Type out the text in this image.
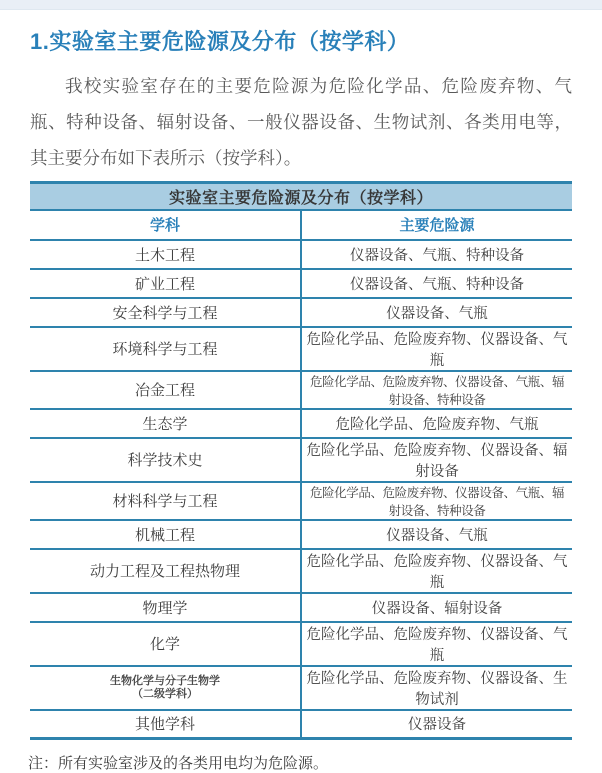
1.实验室主要危险源及分布（按学科）

我校实验室存在的主要危险源为危险化学品、危险废弃物、气瓶、特种设备、辐射设备、一般仪器设备、生物试剂、各类用电等，其主要分布如下表所示（按学科）。

实验室主要危险源及分布（按学科）	
学科	主要危险源
土木工程	仪器设备、气瓶、特种设备
矿业工程	仪器设备、气瓶、特种设备
安全科学与工程	仪器设备、气瓶
环境科学与工程	危险化学品、危险废弃物、仪器设备、气瓶
冶金工程	危险化学品、危险废弃物、仪器设备、气瓶、辐射设备、特种设备
生态学	危险化学品、危险废弃物、气瓶
科学技术史	危险化学品、危险废弃物、仪器设备、辐射设备
材料科学与工程	危险化学品、危险废弃物、仪器设备、气瓶、辐射设备、特种设备
机械工程	仪器设备、气瓶
动力工程及工程热物理	危险化学品、危险废弃物、仪器设备、气瓶
物理学	仪器设备、辐射设备
化学	危险化学品、危险废弃物、仪器设备、气瓶
生物化学与分子生物学
（二级学科）	危险化学品、危险废弃物、仪器设备、生物试剂
其他学科	仪器设备

注：所有实验室涉及的各类用电均为危险源。
